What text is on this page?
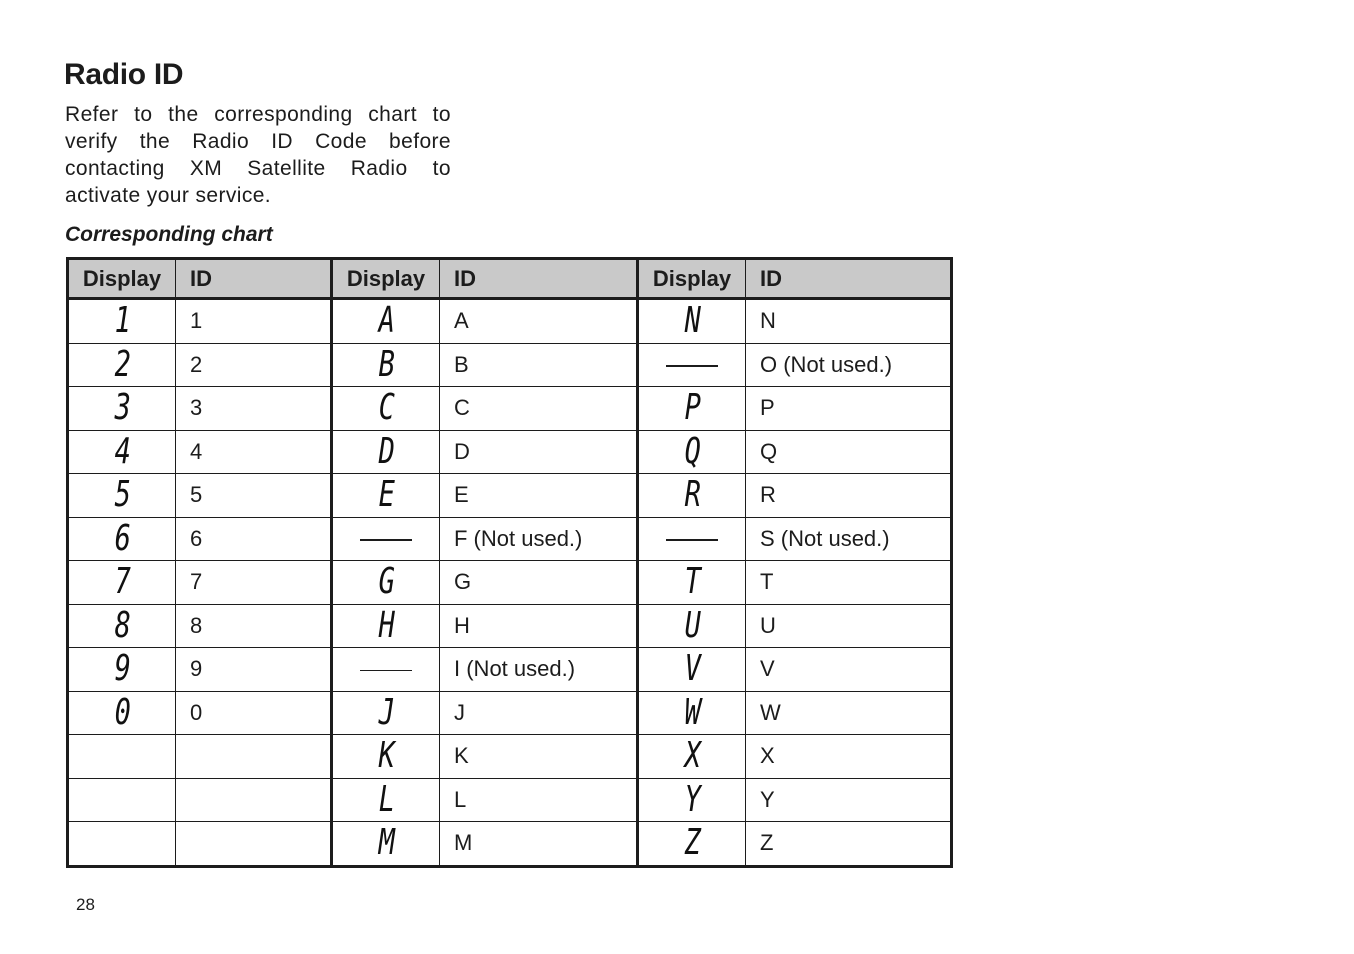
Radio ID
Refer to the corresponding chart to verify the Radio ID Code before contacting XM Satellite Radio to activate your service.
Corresponding chart
Display	ID	Display	ID	Display	ID
1	1	A	A	N	N
2	2	B	B		O (Not used.)
3	3	C	C	P	P
4	4	D	D	Q	Q
5	5	E	E	R	R
6	6		F (Not used.)		S (Not used.)
7	7	G	G	T	T
8	8	H	H	U	U
9	9		I (Not used.)	V	V
0	0	J	J	W	W
		K	K	X	X
		L	L	Y	Y
		M	M	Z	Z
28
